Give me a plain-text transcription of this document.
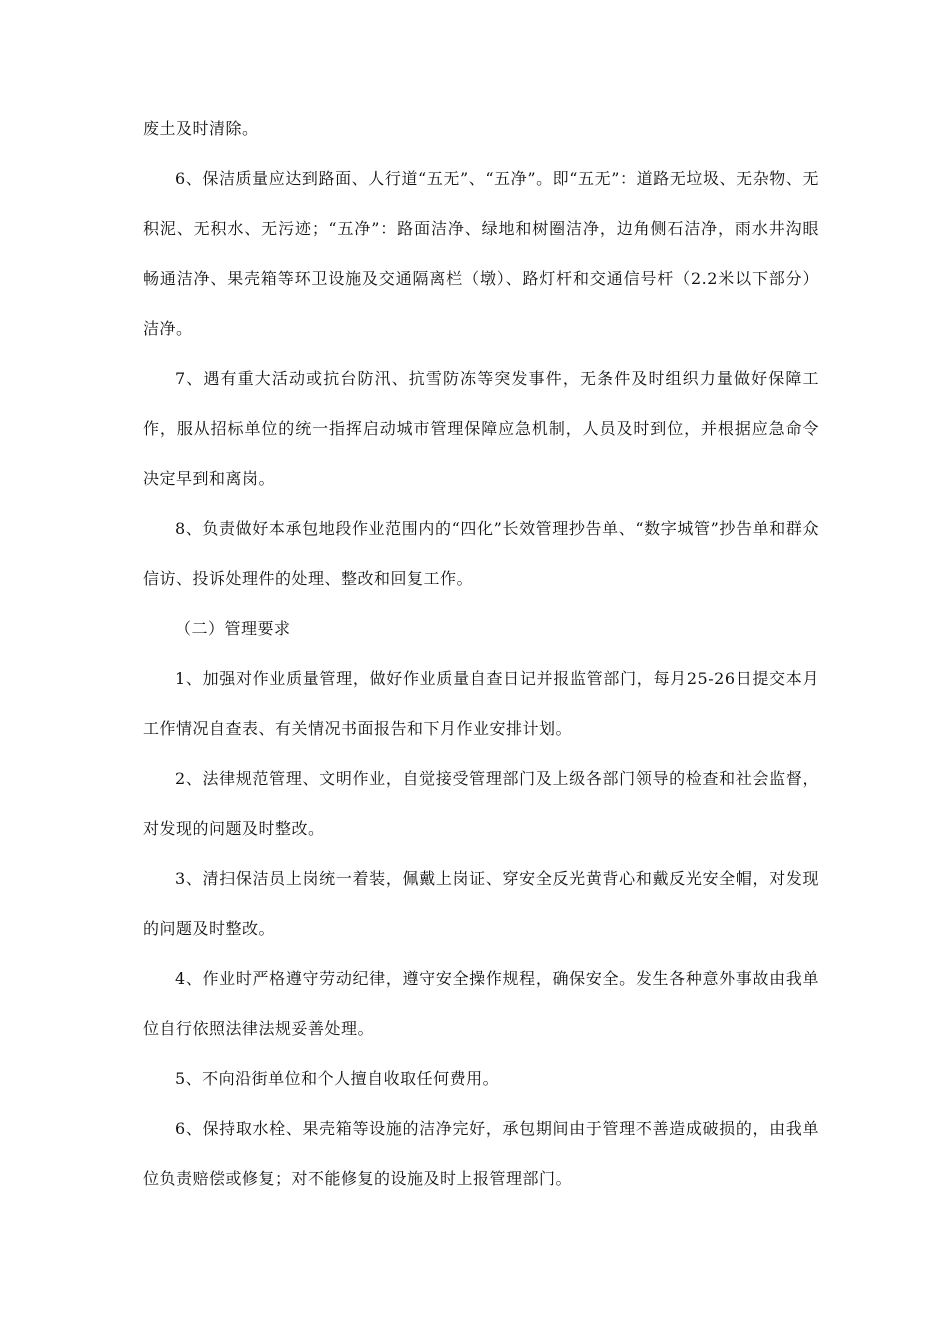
废土及时清除。

6、保洁质量应达到路面、人行道“五无”、“五净”。即“五无”：道路无垃圾、无杂物、无积泥、无积水、无污迹；“五净”：路面洁净、绿地和树圈洁净，边角侧石洁净，雨水井沟眼畅通洁净、果壳箱等环卫设施及交通隔离栏（墩）、路灯杆和交通信号杆（2.2米以下部分）洁净。

7、遇有重大活动或抗台防汛、抗雪防冻等突发事件，无条件及时组织力量做好保障工作，服从招标单位的统一指挥启动城市管理保障应急机制，人员及时到位，并根据应急命令决定早到和离岗。

8、负责做好本承包地段作业范围内的“四化”长效管理抄告单、“数字城管”抄告单和群众信访、投诉处理件的处理、整改和回复工作。

（二）管理要求

1、加强对作业质量管理，做好作业质量自查日记并报监管部门，每月25-26日提交本月工作情况自查表、有关情况书面报告和下月作业安排计划。

2、法律规范管理、文明作业，自觉接受管理部门及上级各部门领导的检查和社会监督，对发现的问题及时整改。

3、清扫保洁员上岗统一着装，佩戴上岗证、穿安全反光黄背心和戴反光安全帽，对发现的问题及时整改。

4、作业时严格遵守劳动纪律，遵守安全操作规程，确保安全。发生各种意外事故由我单位自行依照法律法规妥善处理。

5、不向沿街单位和个人擅自收取任何费用。

6、保持取水栓、果壳箱等设施的洁净完好，承包期间由于管理不善造成破损的，由我单位负责赔偿或修复；对不能修复的设施及时上报管理部门。
